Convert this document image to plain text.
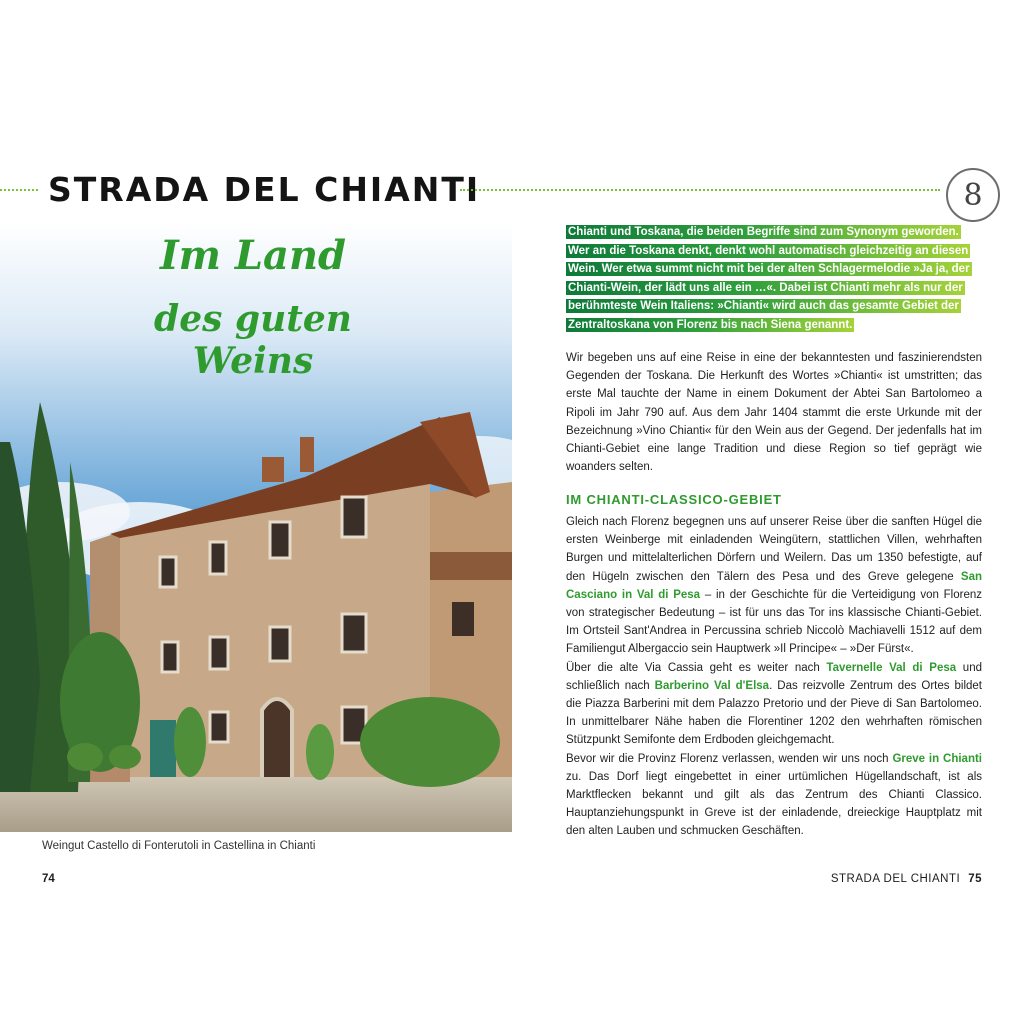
STRADA DEL CHIANTI	8
Im Land
des guten Weins
Weingut Castello di Fonterutoli in Castellina in Chianti
74

Chianti und Toskana, die beiden Begriffe sind zum Synonym geworden. Wer an die Toskana denkt, denkt wohl automatisch gleichzeitig an diesen Wein. Wer etwa summt nicht mit bei der alten Schlagermelodie »Ja ja, der Chianti-Wein, der lädt uns alle ein …«. Dabei ist Chianti mehr als nur der berühmteste Wein Italiens: »Chianti« wird auch das gesamte Gebiet der Zentraltoskana von Florenz bis nach Siena genannt.

Wir begeben uns auf eine Reise in eine der bekanntesten und faszinierendsten Gegenden der Toskana. Die Herkunft des Wortes »Chianti« ist umstritten; das erste Mal tauchte der Name in einem Dokument der Abtei San Bartolomeo a Ripoli im Jahr 790 auf. Aus dem Jahr 1404 stammt die erste Urkunde mit der Bezeichnung »Vino Chianti« für den Wein aus der Gegend. Der jedenfalls hat im Chianti-Gebiet eine lange Tradition und diese Region so tief geprägt wie woanders selten.

IM CHIANTI-CLASSICO-GEBIET
Gleich nach Florenz begegnen uns auf unserer Reise über die sanften Hügel die ersten Weinberge mit einladenden Weingütern, stattlichen Villen, wehrhaften Burgen und mittelalterlichen Dörfern und Weilern. Das um 1350 befestigte, auf den Hügeln zwischen den Tälern des Pesa und des Greve gelegene San Casciano in Val di Pesa – in der Geschichte für die Verteidigung von Florenz von strategischer Bedeutung – ist für uns das Tor ins klassische Chianti-Gebiet. Im Ortsteil Sant'Andrea in Percussina schrieb Niccolò Machiavelli 1512 auf dem Familiengut Albergaccio sein Hauptwerk »Il Principe« – »Der Fürst«.
Über die alte Via Cassia geht es weiter nach Tavernelle Val di Pesa und schließlich nach Barberino Val d'Elsa. Das reizvolle Zentrum des Ortes bildet die Piazza Barberini mit dem Palazzo Pretorio und der Pieve di San Bartolomeo. In unmittelbarer Nähe haben die Florentiner 1202 den wehrhaften römischen Stützpunkt Semifonte dem Erdboden gleichgemacht.
Bevor wir die Provinz Florenz verlassen, wenden wir uns noch Greve in Chianti zu. Das Dorf liegt eingebettet in einer urtümlichen Hügellandschaft, ist als Marktflecken bekannt und gilt als das Zentrum des Chianti Classico. Hauptanziehungspunkt in Greve ist der einladende, dreieckige Hauptplatz mit den alten Lauben und schmucken Geschäften.
STRADA DEL CHIANTI 75
